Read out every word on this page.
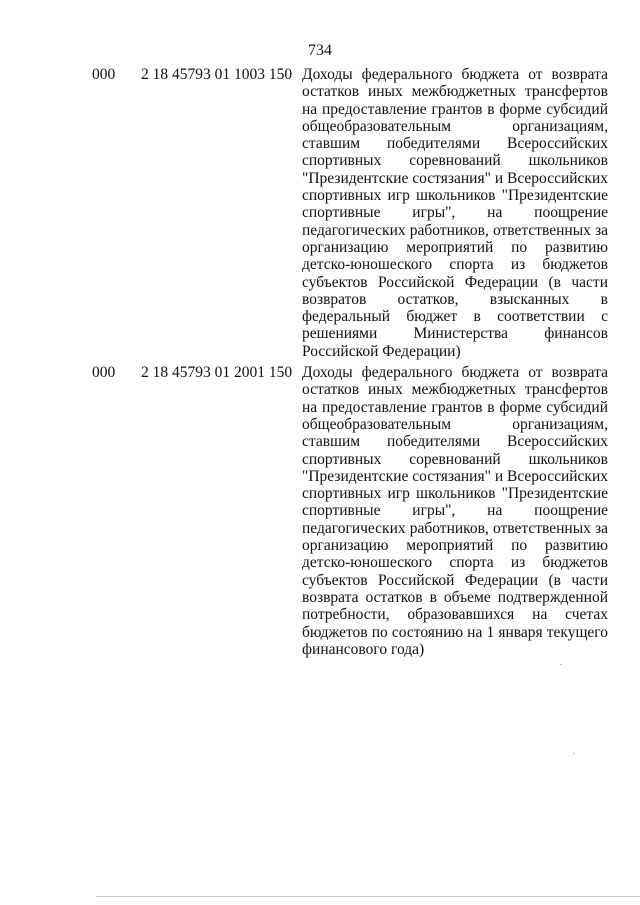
734
000 2 18 45793 01 1003 150 Доходы федерального бюджета от возврата остатков иных межбюджетных трансфертов на предоставление грантов в форме субсидий общеобразовательным организациям, ставшим победителями Всероссийских спортивных соревнований школьников "Президентские состязания" и Всероссийских спортивных игр школьников "Президентские спортивные игры", на поощрение педагогических работников, ответственных за организацию мероприятий по развитию детско-юношеского спорта из бюджетов субъектов Российской Федерации (в части возвратов остатков, взысканных в федеральный бюджет в соответствии с решениями Министерства финансов Российской Федерации)
000 2 18 45793 01 2001 150 Доходы федерального бюджета от возврата остатков иных межбюджетных трансфертов на предоставление грантов в форме субсидий общеобразовательным организациям, ставшим победителями Всероссийских спортивных соревнований школьников "Президентские состязания" и Всероссийских спортивных игр школьников "Президентские спортивные игры", на поощрение педагогических работников, ответственных за организацию мероприятий по развитию детско-юношеского спорта из бюджетов субъектов Российской Федерации (в части возврата остатков в объеме подтвержденной потребности, образовавшихся на счетах бюджетов по состоянию на 1 января текущего финансового года)
